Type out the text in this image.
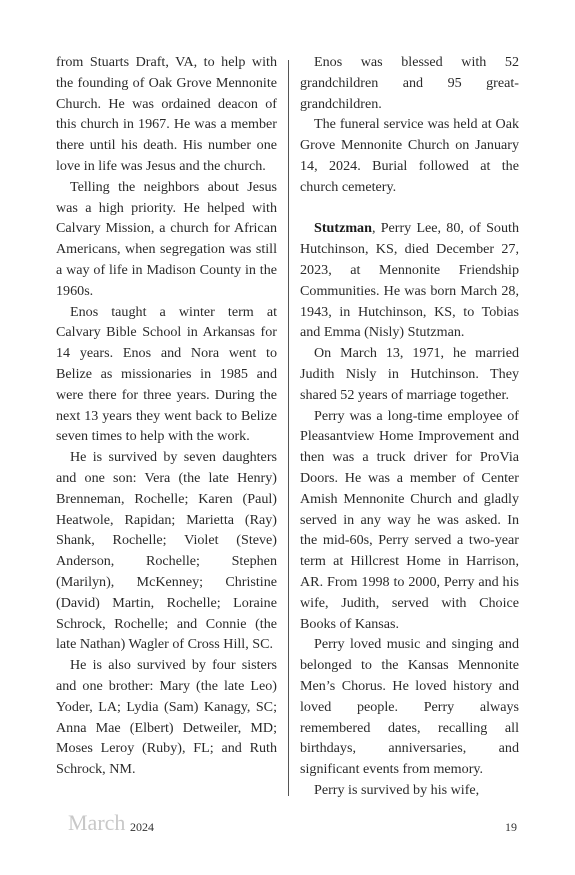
from Stuarts Draft, VA, to help with the founding of Oak Grove Mennonite Church. He was ordained deacon of this church in 1967. He was a member there until his death. His number one love in life was Jesus and the church.

Telling the neighbors about Jesus was a high priority. He helped with Calvary Mission, a church for African Americans, when segregation was still a way of life in Madison County in the 1960s.

Enos taught a winter term at Calvary Bible School in Arkansas for 14 years. Enos and Nora went to Belize as missionaries in 1985 and were there for three years. During the next 13 years they went back to Belize seven times to help with the work.

He is survived by seven daughters and one son: Vera (the late Henry) Brenneman, Rochelle; Karen (Paul) Heatwole, Rapidan; Marietta (Ray) Shank, Rochelle; Violet (Steve) Anderson, Rochelle; Stephen (Marilyn), McKenney; Christine (David) Martin, Rochelle; Loraine Schrock, Rochelle; and Connie (the late Nathan) Wagler of Cross Hill, SC.

He is also survived by four sisters and one brother: Mary (the late Leo) Yoder, LA; Lydia (Sam) Kanagy, SC; Anna Mae (Elbert) Detweiler, MD; Moses Leroy (Ruby), FL; and Ruth Schrock, NM.

Enos was blessed with 52 grandchildren and 95 great-grandchildren.

The funeral service was held at Oak Grove Mennonite Church on January 14, 2024. Burial followed at the church cemetery.

Stutzman, Perry Lee, 80, of South Hutchinson, KS, died December 27, 2023, at Mennonite Friendship Communities. He was born March 28, 1943, in Hutchinson, KS, to Tobias and Emma (Nisly) Stutzman.

On March 13, 1971, he married Judith Nisly in Hutchinson. They shared 52 years of marriage together.

Perry was a long-time employee of Pleasantview Home Improvement and then was a truck driver for ProVia Doors. He was a member of Center Amish Mennonite Church and gladly served in any way he was asked. In the mid-60s, Perry served a two-year term at Hillcrest Home in Harrison, AR. From 1998 to 2000, Perry and his wife, Judith, served with Choice Books of Kansas.

Perry loved music and singing and belonged to the Kansas Mennonite Men’s Chorus. He loved history and loved people. Perry always remembered dates, recalling all birthdays, anniversaries, and significant events from memory.

Perry is survived by his wife,

March 2024	19
